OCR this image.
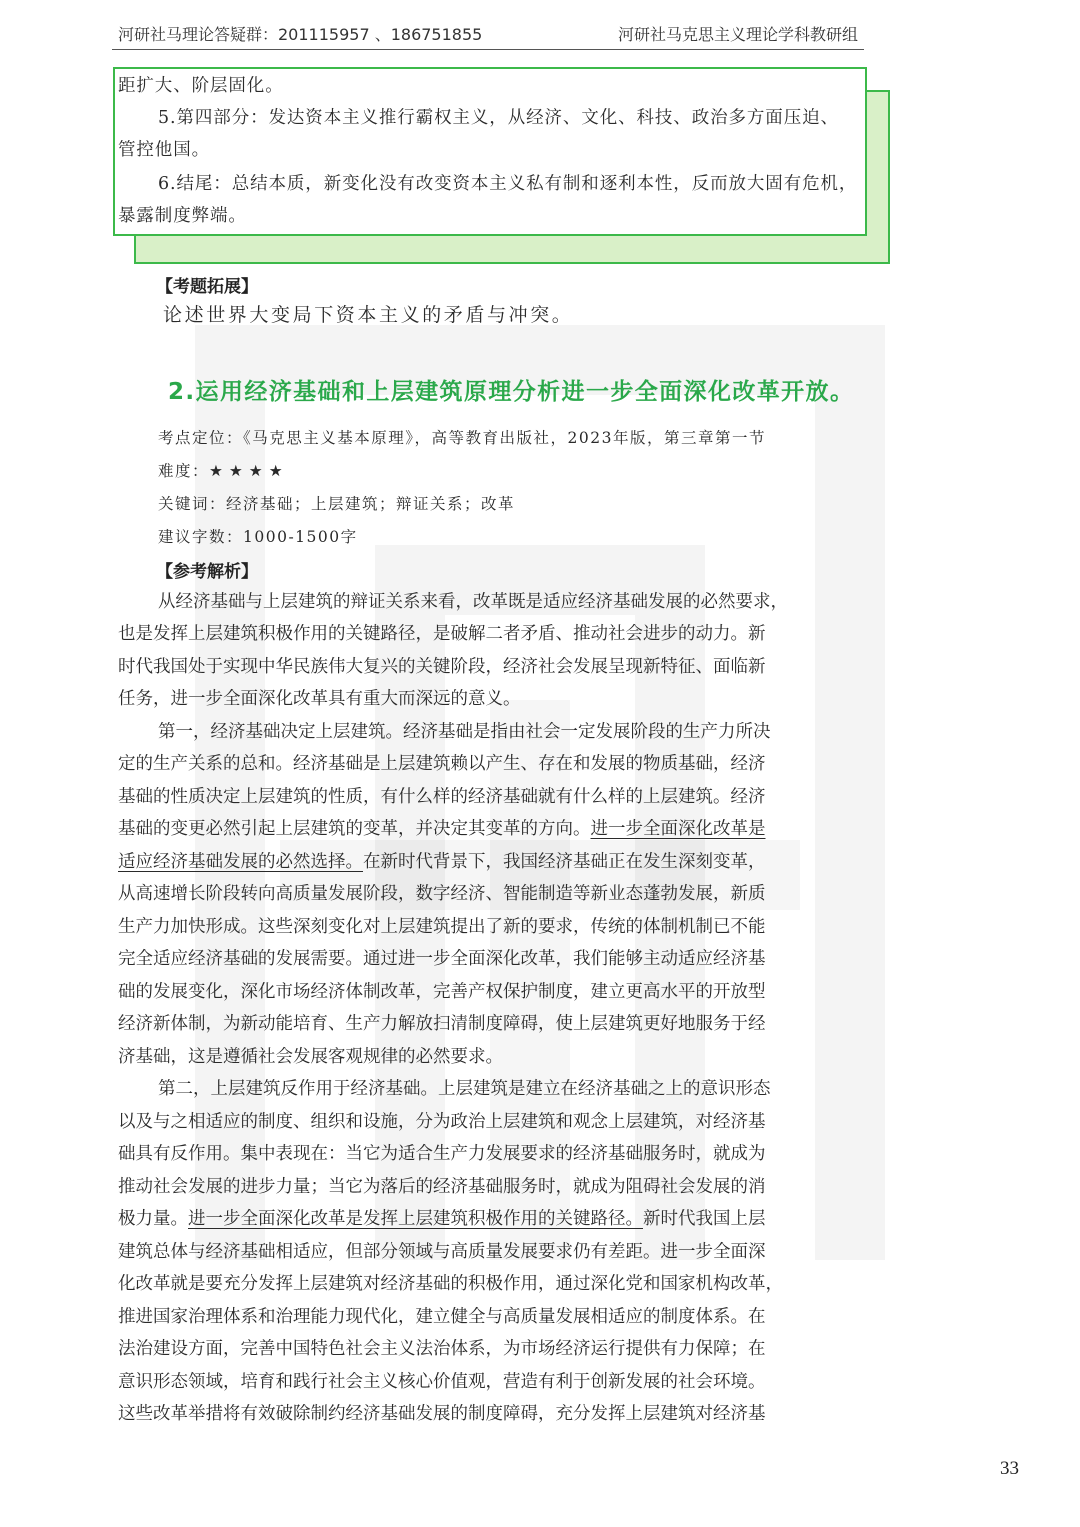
河研社马理论答疑群：201115957 、186751855	河研社马克思主义理论学科教研组
距扩大、阶层固化。
5.第四部分：发达资本主义推行霸权主义，从经济、文化、科技、政治多方面压迫、
管控他国。
6.结尾：总结本质，新变化没有改变资本主义私有制和逐利本性，反而放大固有危机，
暴露制度弊端。
【考题拓展】
论述世界大变局下资本主义的矛盾与冲突。
2.运用经济基础和上层建筑原理分析进一步全面深化改革开放。
考点定位：《马克思主义基本原理》，高等教育出版社，2023年版，第三章第一节
难度：★★★★
关键词：经济基础；上层建筑；辩证关系；改革
建议字数：1000-1500字
【参考解析】
从经济基础与上层建筑的辩证关系来看，改革既是适应经济基础发展的必然要求，
也是发挥上层建筑积极作用的关键路径，是破解二者矛盾、推动社会进步的动力。新
时代我国处于实现中华民族伟大复兴的关键阶段，经济社会发展呈现新特征、面临新
任务，进一步全面深化改革具有重大而深远的意义。
第一，经济基础决定上层建筑。经济基础是指由社会一定发展阶段的生产力所决
定的生产关系的总和。经济基础是上层建筑赖以产生、存在和发展的物质基础，经济
基础的性质决定上层建筑的性质，有什么样的经济基础就有什么样的上层建筑。经济
基础的变更必然引起上层建筑的变革，并决定其变革的方向。进一步全面深化改革是
适应经济基础发展的必然选择。在新时代背景下，我国经济基础正在发生深刻变革，
从高速增长阶段转向高质量发展阶段，数字经济、智能制造等新业态蓬勃发展，新质
生产力加快形成。这些深刻变化对上层建筑提出了新的要求，传统的体制机制已不能
完全适应经济基础的发展需要。通过进一步全面深化改革，我们能够主动适应经济基
础的发展变化，深化市场经济体制改革，完善产权保护制度，建立更高水平的开放型
经济新体制，为新动能培育、生产力解放扫清制度障碍，使上层建筑更好地服务于经
济基础，这是遵循社会发展客观规律的必然要求。
第二，上层建筑反作用于经济基础。上层建筑是建立在经济基础之上的意识形态
以及与之相适应的制度、组织和设施，分为政治上层建筑和观念上层建筑，对经济基
础具有反作用。集中表现在：当它为适合生产力发展要求的经济基础服务时，就成为
推动社会发展的进步力量；当它为落后的经济基础服务时，就成为阻碍社会发展的消
极力量。进一步全面深化改革是发挥上层建筑积极作用的关键路径。新时代我国上层
建筑总体与经济基础相适应，但部分领域与高质量发展要求仍有差距。进一步全面深
化改革就是要充分发挥上层建筑对经济基础的积极作用，通过深化党和国家机构改革，
推进国家治理体系和治理能力现代化，建立健全与高质量发展相适应的制度体系。在
法治建设方面，完善中国特色社会主义法治体系，为市场经济运行提供有力保障；在
意识形态领域，培育和践行社会主义核心价值观，营造有利于创新发展的社会环境。
这些改革举措将有效破除制约经济基础发展的制度障碍，充分发挥上层建筑对经济基
33
